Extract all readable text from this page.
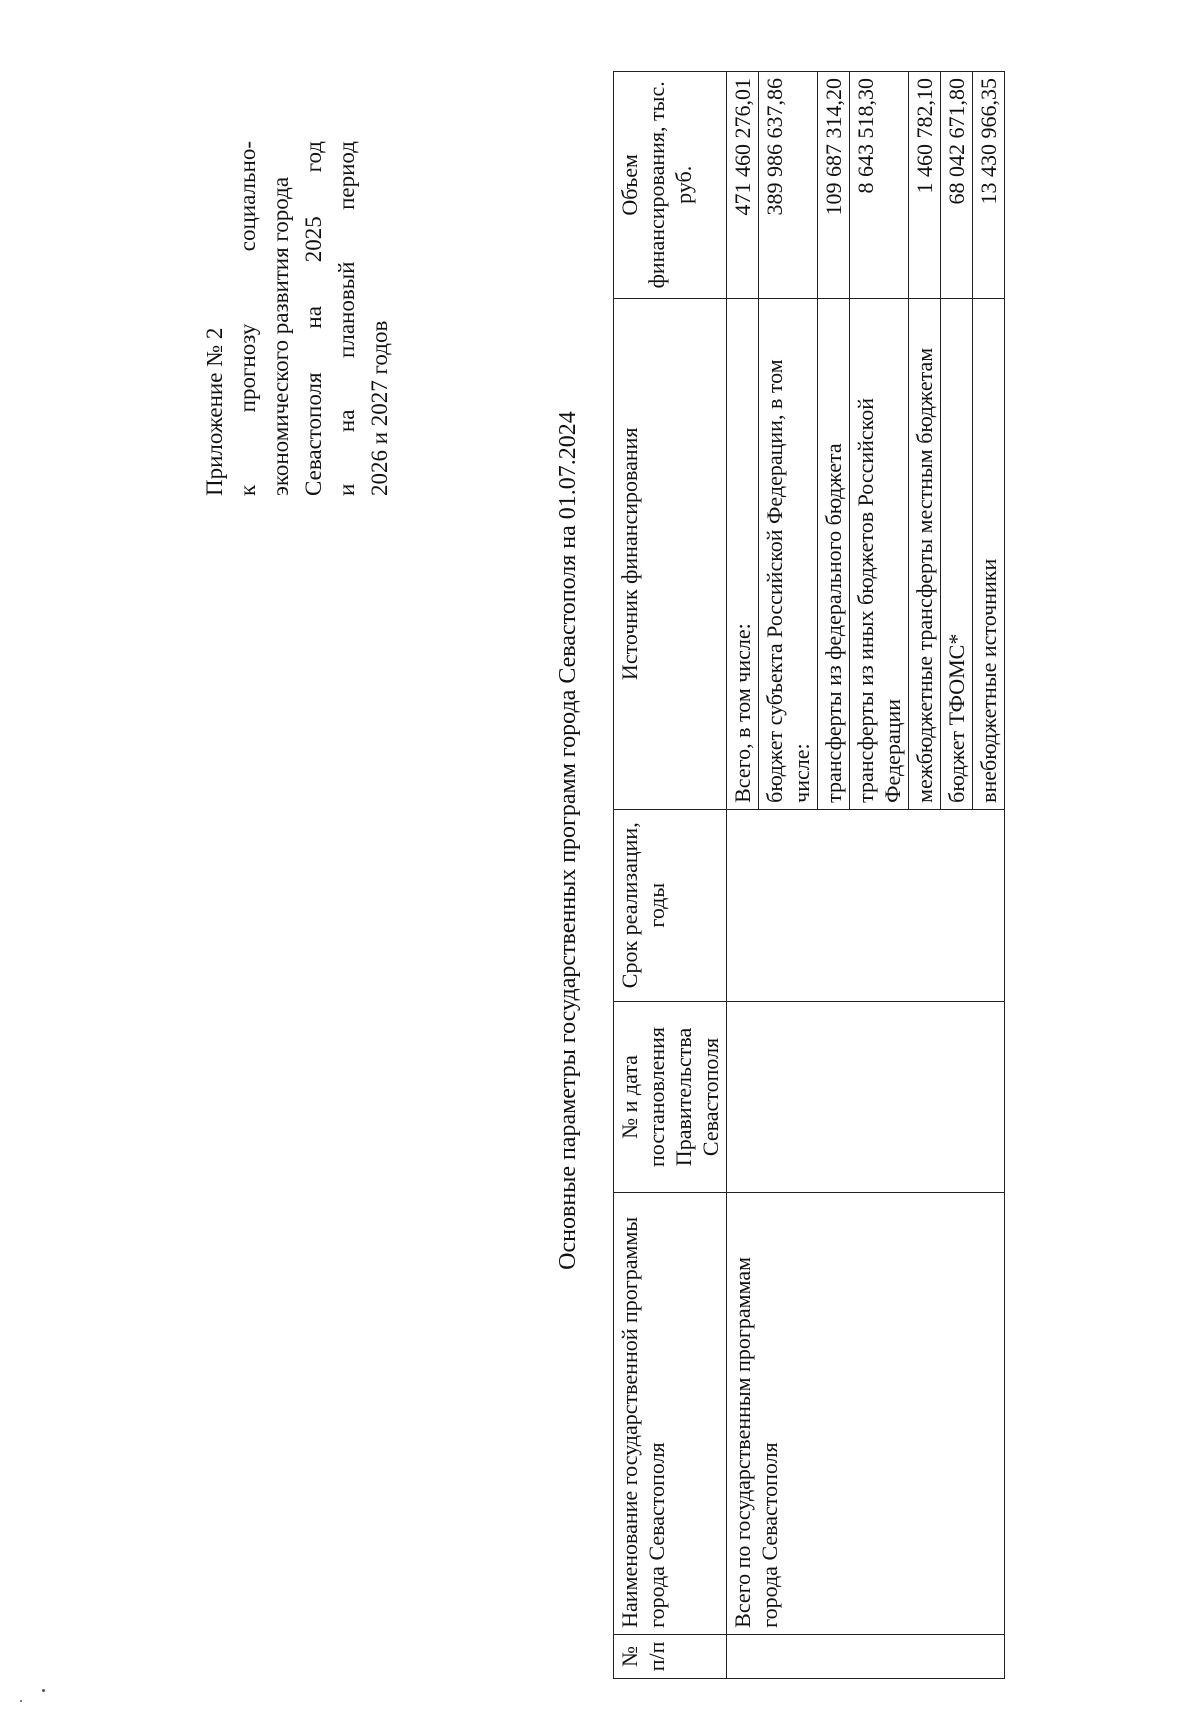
Приложение № 2 к
прогнозу
социально- экономического развития города Севастополя
на
2025
год
и
на
плановый
период
2026 и 2027 годов
Основные параметры государственных программ города Севастополя на 01.07.2024
№ п/п	Наименование государственной программы города Севастополя	№ и дата постановления Правительства Севастополя	Срок реализации, годы	Источник финансирования	Объем финансирования, тыс. руб.
	Всего по государственным программам города Севастополя			Всего, в том числе:	471 460 276,01
				бюджет субъекта Российской Федерации, в том числе:	389 986 637,86
				трансферты из федерального бюджета	109 687 314,20
				трансферты из иных бюджетов Российской Федерации	8 643 518,30
				межбюджетные трансферты местным бюджетам	1 460 782,10
				бюджет ТФОМС*	68 042 671,80
				внебюджетные источники	13 430 966,35
